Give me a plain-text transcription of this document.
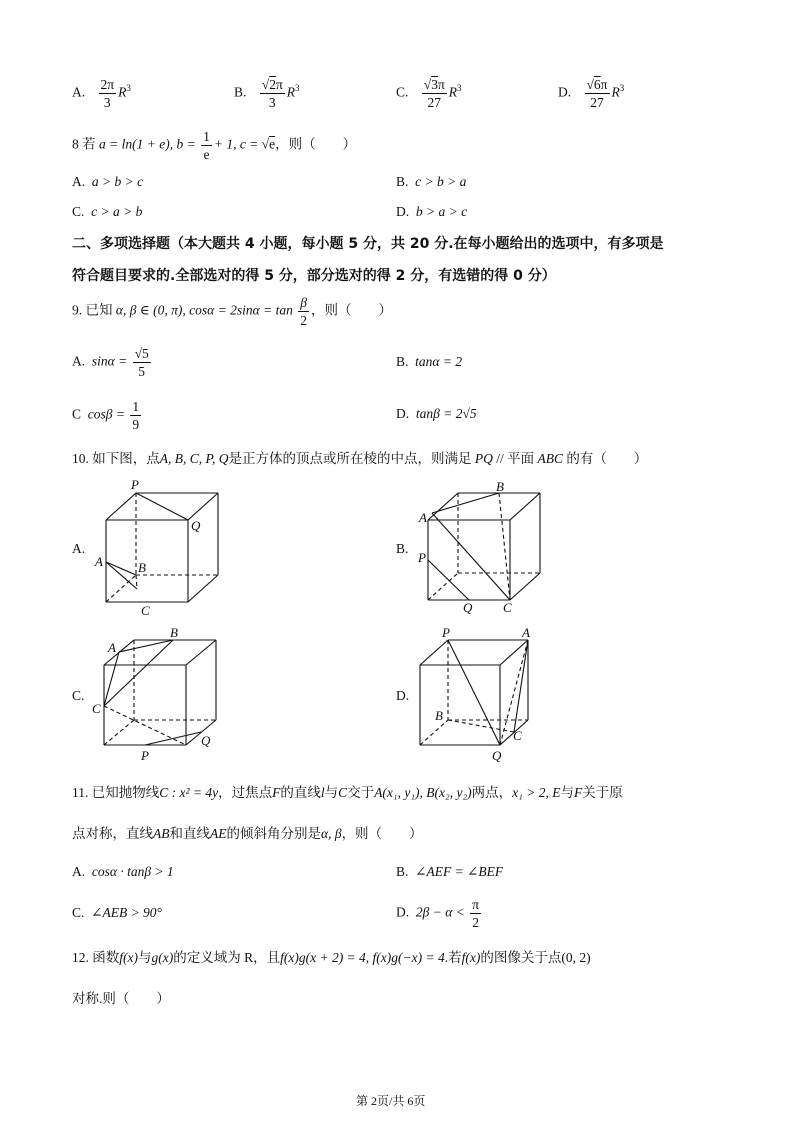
A. $\frac{2\pi}{3} R^3$	B. $\frac{√2\pi}{3} R^3$	C. $\frac{√3\pi}{27} R^3$	D. $\frac{√6\pi}{27} R^3$
8 若 a = ln(1 + e), $b = \frac{1}{e} + 1$, c = √e，则（　　）
A. a > b > c	B. c > b > a
C. c > a > b	D. b > a > c
二、多项选择题（本大题共 4 小题，每小题 5 分，共 20 分.在每小题给出的选项中，有多项是
符合题目要求的.全部选对的得 5 分，部分选对的得 2 分，有选错的得 0 分）
9. 已知 α, β ∈ (0, π), $\cos\alpha = 2\sin\alpha = \tan \frac{\beta}{2}$ ，则（　　）
A. $\sin\alpha = \frac{√5}{5}$	B. tanα = 2
C $\cos\beta = \frac{1}{9}$	D. tanβ = 2√5
10. 如下图，点A, B, C, P, Q是正方体的顶点或所在棱的中点，则满足 PQ // 平面 ABC 的有（　　）
A.	B.
C.	D.
P
Q
A	B
C
A
B
P
Q C
A
B
C
P
Q
P	A
B
C
Q
11. 已知抛物线C : x² = 4y，过焦点F的直线l与C交于A(x₁, y₁), B(x₂, y₂)两点，x₁ > 2, E与F关于原
点对称，直线AB和直线AE的倾斜角分别是α, β，则（　　）
A. cosα · tanβ > 1	B. ∠AEF = ∠BEF
C. ∠AEB > 90°	D. $2\beta - \alpha < \frac{\pi}{2}$
12. 函数f(x)与g(x)的定义域为 R，且f(x)g(x + 2) = 4, f(x)g(−x) = 4.若f(x)的图像关于点(0, 2)
对称.则（　　）
第 2页/共 6页
